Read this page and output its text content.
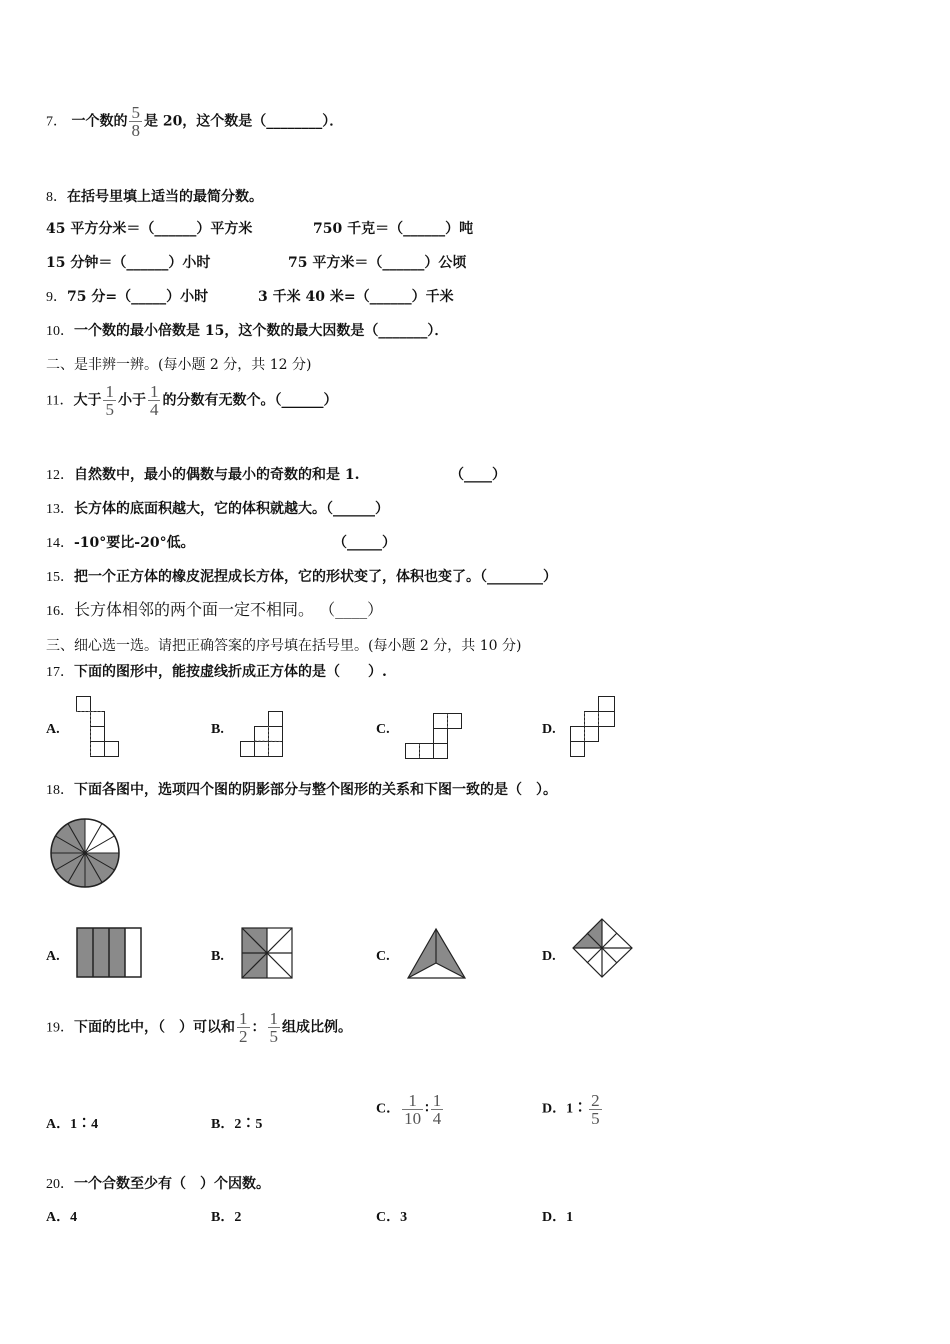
7． 一个数的 $\frac{5}{8}$ 是 20，这个数是（________）．
8．在括号里填上适当的最简分数。
45 平方分米＝（______）平方米	750 千克＝（______）吨
15 分钟＝（______）小时	75 平方米＝（______）公顷
9．75 分=（_____）小时	3 千米 40 米=（______）千米
10．一个数的最小倍数是 15，这个数的最大因数是（_______）．
二、是非辨一辨。(每小题 2 分，共 12 分)
11．大于 $\frac{1}{5}$ 小于 $\frac{1}{4}$ 的分数有无数个。（______）
12．自然数中，最小的偶数与最小的奇数的和是 1.	（____）
13．长方体的底面积越大，它的体积就越大。（______）
14．-10°要比-20°低。	（_____）
15．把一个正方体的橡皮泥捏成长方体，它的形状变了，体积也变了。（________）
16．长方体相邻的两个面一定不相同。 （____）
三、细心选一选。请把正确答案的序号填在括号里。(每小题 2 分，共 10 分)
17．下面的图形中，能按虚线折成正方体的是（　　）.
A.	B.	C.	D.
18．下面各图中，选项四个图的阴影部分与整个图形的关系和下图一致的是（　）。
A.	B.	C.	D.
19．下面的比中，（　）可以和 $\frac{1}{2}$ ： $\frac{1}{5}$ 组成比例。
A．1∶4	B．2∶5
C． $\frac{1}{10}$ ∶ $\frac{1}{4}$	D．1∶ $\frac{2}{5}$
20．一个合数至少有（　）个因数。
A．4	B．2	C．3	D．1
